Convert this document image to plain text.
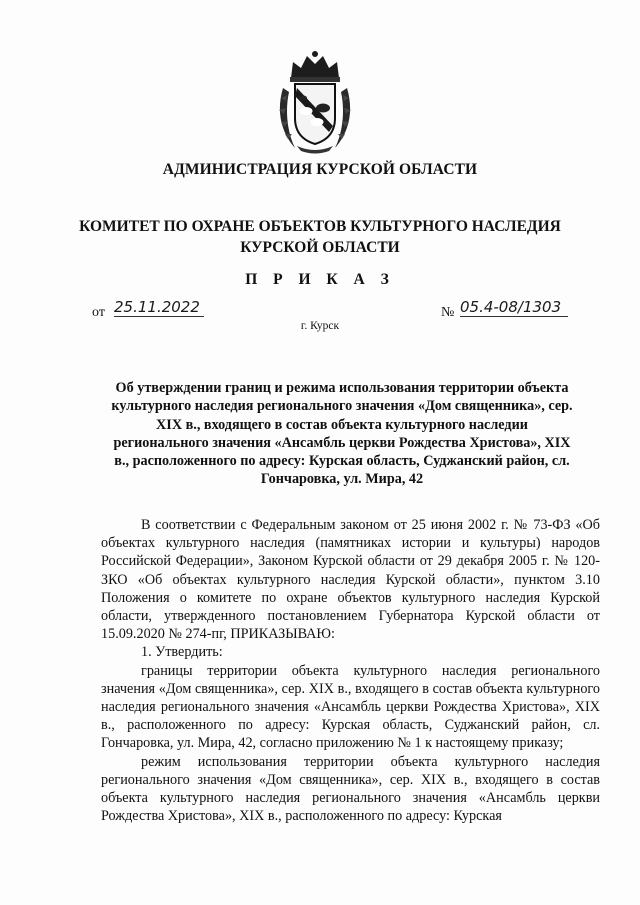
АДМИНИСТРАЦИЯ КУРСКОЙ ОБЛАСТИ
КОМИТЕТ ПО ОХРАНЕ ОБЪЕКТОВ КУЛЬТУРНОГО НАСЛЕДИЯ
КУРСКОЙ ОБЛАСТИ
П Р И К А З
от 25.11.2022	№ 05.4-08/1303
г. Курск
Об утверждении границ и режима использования территории объекта культурного наследия регионального значения «Дом священника», сер. XIX в., входящего в состав объекта культурного наследии регионального значения «Ансамбль церкви Рождества Христова», XIX в., расположенного по адресу: Курская область, Суджанский район, сл. Гончаровка, ул. Мира, 42

В соответствии с Федеральным законом от 25 июня 2002 г. № 73-ФЗ «Об объектах культурного наследия (памятниках истории и культуры) народов Российской Федерации», Законом Курской области от 29 декабря 2005 г. № 120-ЗКО «Об объектах культурного наследия Курской области», пунктом 3.10 Положения о комитете по охране объектов культурного наследия Курской области, утвержденного постановлением Губернатора Курской области от 15.09.2020 № 274-пг, ПРИКАЗЫВАЮ:

1. Утвердить:

границы территории объекта культурного наследия регионального значения «Дом священника», сер. XIX в., входящего в состав объекта культурного наследия регионального значения «Ансамбль церкви Рождества Христова», XIX в., расположенного по адресу: Курская область, Суджанский район, сл. Гончаровка, ул. Мира, 42, согласно приложению № 1 к настоящему приказу;

режим использования территории объекта культурного наследия регионального значения «Дом священника», сер. XIX в., входящего в состав объекта культурного наследия регионального значения «Ансамбль церкви Рождества Христова», XIX в., расположенного по адресу: Курская
